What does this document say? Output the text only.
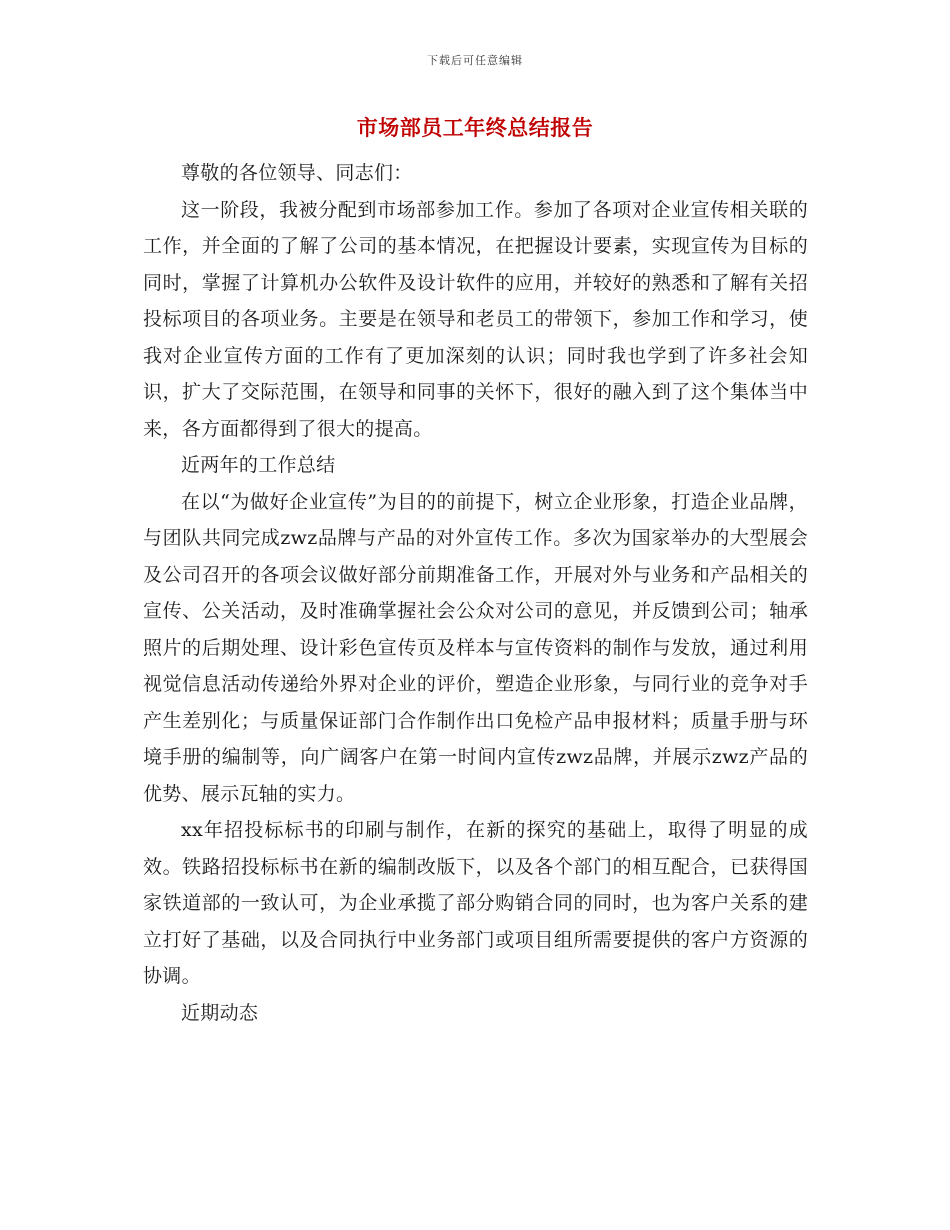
下载后可任意编辑
市场部员工年终总结报告

尊敬的各位领导、同志们：

这一阶段，我被分配到市场部参加工作。参加了各项对企业宣传相关联的工作，并全面的了解了公司的基本情况，在把握设计要素，实现宣传为目标的同时，掌握了计算机办公软件及设计软件的应用，并较好的熟悉和了解有关招投标项目的各项业务。主要是在领导和老员工的带领下，参加工作和学习，使我对企业宣传方面的工作有了更加深刻的认识；同时我也学到了许多社会知识，扩大了交际范围，在领导和同事的关怀下，很好的融入到了这个集体当中来，各方面都得到了很大的提高。

近两年的工作总结

在以“为做好企业宣传”为目的的前提下，树立企业形象，打造企业品牌，与团队共同完成zwz品牌与产品的对外宣传工作。多次为国家举办的大型展会及公司召开的各项会议做好部分前期准备工作，开展对外与业务和产品相关的宣传、公关活动，及时准确掌握社会公众对公司的意见，并反馈到公司；轴承照片的后期处理、设计彩色宣传页及样本与宣传资料的制作与发放，通过利用视觉信息活动传递给外界对企业的评价，塑造企业形象，与同行业的竞争对手产生差别化；与质量保证部门合作制作出口免检产品申报材料；质量手册与环境手册的编制等，向广阔客户在第一时间内宣传zwz品牌，并展示zwz产品的优势、展示瓦轴的实力。

xx年招投标标书的印刷与制作，在新的探究的基础上，取得了明显的成效。铁路招投标标书在新的编制改版下，以及各个部门的相互配合，已获得国家铁道部的一致认可，为企业承揽了部分购销合同的同时，也为客户关系的建立打好了基础，以及合同执行中业务部门或项目组所需要提供的客户方资源的协调。

近期动态
